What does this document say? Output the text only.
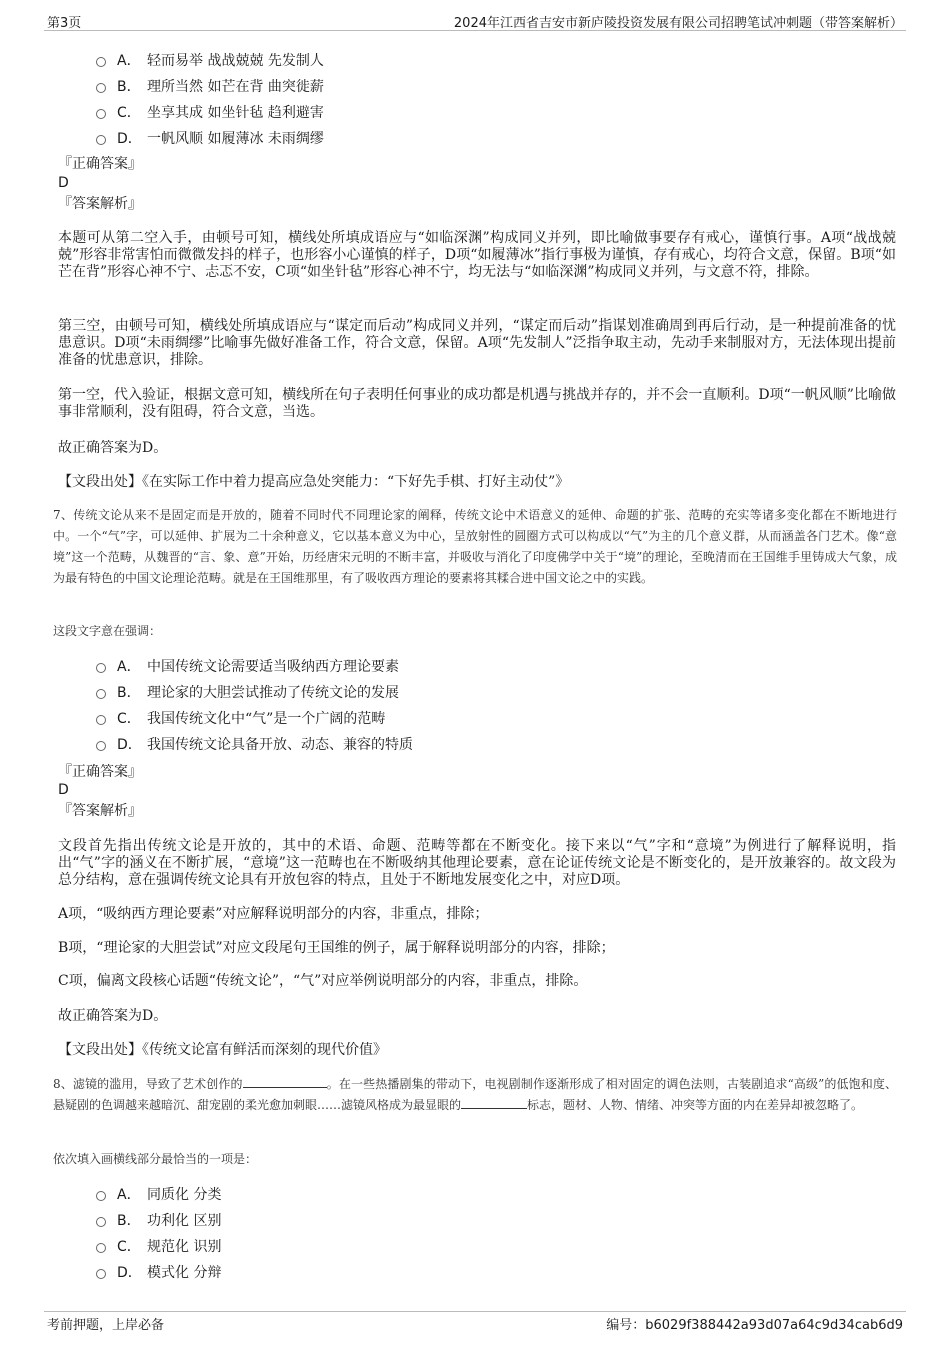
第3页	2024年江西省吉安市新庐陵投资发展有限公司招聘笔试冲刺题（带答案解析）
A． 轻而易举 战战兢兢 先发制人
B． 理所当然 如芒在背 曲突徙薪
C． 坐享其成 如坐针毡 趋利避害
D． 一帆风顺 如履薄冰 未雨绸缪
『正确答案』
D
『答案解析』
本题可从第二空入手，由顿号可知，横线处所填成语应与“如临深渊”构成同义并列，即比喻做事要存有戒心，谨慎行事。A项“战战兢兢”形容非常害怕而微微发抖的样子，也形容小心谨慎的样子，D项“如履薄冰”指行事极为谨慎，存有戒心，均符合文意，保留。B项“如芒在背”形容心神不宁、忐忑不安，C项“如坐针毡”形容心神不宁，均无法与“如临深渊”构成同义并列，与文意不符，排除。
第三空，由顿号可知，横线处所填成语应与“谋定而后动”构成同义并列，“谋定而后动”指谋划准确周到再后行动，是一种提前准备的忧患意识。D项“未雨绸缪”比喻事先做好准备工作，符合文意，保留。A项“先发制人”泛指争取主动，先动手来制服对方，无法体现出提前准备的忧患意识，排除。
第一空，代入验证，根据文意可知，横线所在句子表明任何事业的成功都是机遇与挑战并存的，并不会一直顺利。D项“一帆风顺”比喻做事非常顺利，没有阻碍，符合文意，当选。
故正确答案为D。
【文段出处】《在实际工作中着力提高应急处突能力：“下好先手棋、打好主动仗”》
7、传统文论从来不是固定而是开放的，随着不同时代不同理论家的阐释，传统文论中术语意义的延伸、命题的扩张、范畴的充实等诸多变化都在不断地进行中。一个“气”字，可以延伸、扩展为二十余种意义，它以基本意义为中心，呈放射性的圆圈方式可以构成以“气”为主的几个意义群，从而涵盖各门艺术。像“意境”这一个范畴，从魏晋的“言、象、意”开始，历经唐宋元明的不断丰富，并吸收与消化了印度佛学中关于“境”的理论，至晚清而在王国维手里铸成大气象，成为最有特色的中国文论理论范畴。就是在王国维那里，有了吸收西方理论的要素将其糅合进中国文论之中的实践。
这段文字意在强调：
A． 中国传统文论需要适当吸纳西方理论要素
B． 理论家的大胆尝试推动了传统文论的发展
C． 我国传统文化中“气”是一个广阔的范畴
D． 我国传统文论具备开放、动态、兼容的特质
『正确答案』
D
『答案解析』
文段首先指出传统文论是开放的，其中的术语、命题、范畴等都在不断变化。接下来以“气”字和“意境”为例进行了解释说明，指出“气”字的涵义在不断扩展，“意境”这一范畴也在不断吸纳其他理论要素，意在论证传统文论是不断变化的，是开放兼容的。故文段为总分结构，意在强调传统文论具有开放包容的特点，且处于不断地发展变化之中，对应D项。
A项，“吸纳西方理论要素”对应解释说明部分的内容，非重点，排除；
B项，“理论家的大胆尝试”对应文段尾句王国维的例子，属于解释说明部分的内容，排除；
C项，偏离文段核心话题“传统文论”，“气”对应举例说明部分的内容，非重点，排除。
故正确答案为D。
【文段出处】《传统文论富有鲜活而深刻的现代价值》
8、滤镜的滥用，导致了艺术创作的	。在一些热播剧集的带动下，电视剧制作逐渐形成了相对固定的调色法则，古装剧追求“高级”的低饱和度、悬疑剧的色调越来越暗沉、甜宠剧的柔光愈加刺眼……滤镜风格成为最显眼的	标志，题材、人物、情绪、冲突等方面的内在差异却被忽略了。
依次填入画横线部分最恰当的一项是：
A． 同质化 分类
B． 功利化 区别
C． 规范化 识别
D． 模式化 分辩
考前押题，上岸必备	编号：b6029f388442a93d07a64c9d34cab6d9
